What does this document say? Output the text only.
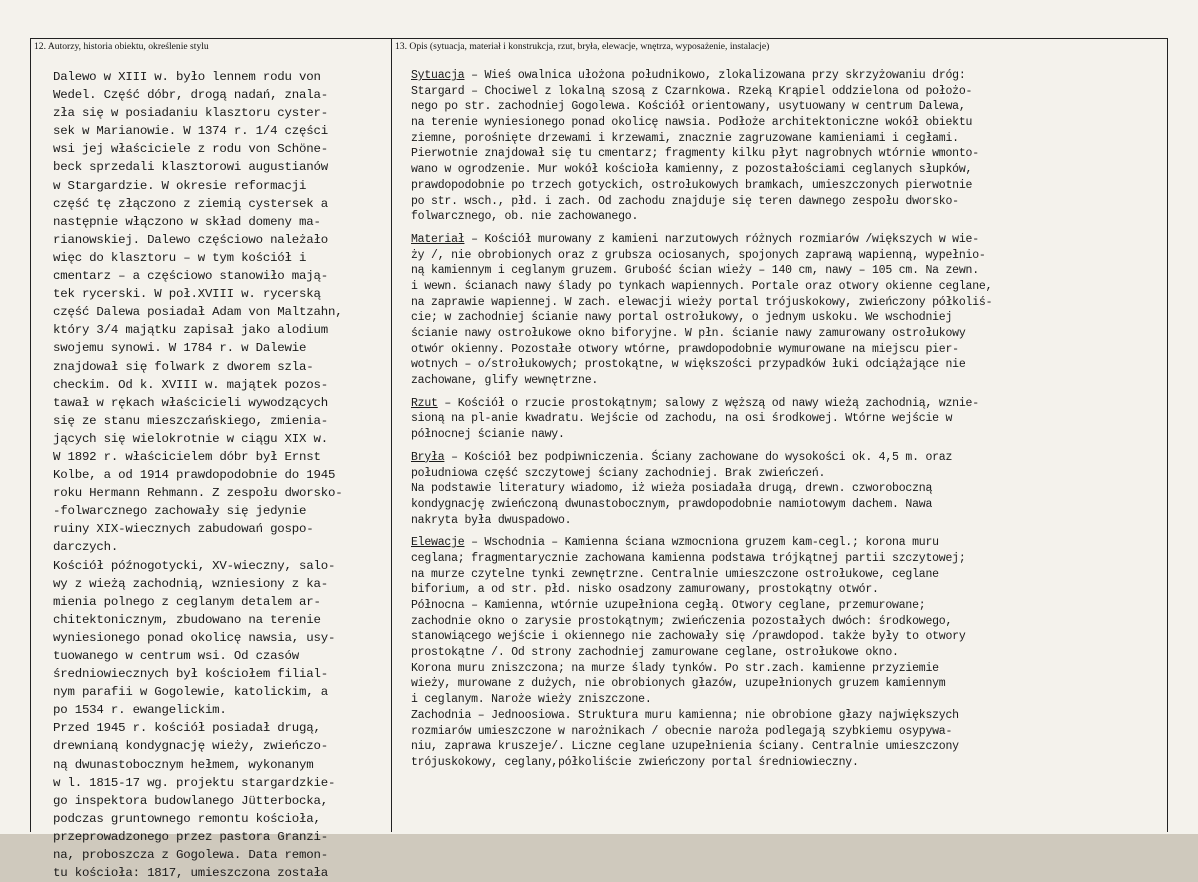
12. Autorzy, historia obiektu, określenie stylu
Dalewo w XIII w. było lennem rodu von
Wedel. Część dóbr, drogą nadań, znala-
zła się w posiadaniu klasztoru cyster-
sek w Marianowie. W 1374 r. 1/4 części
wsi jej właściciele z rodu von Schöne-
beck sprzedali klasztorowi augustianów
w Stargardzie. W okresie reformacji
część tę złączono z ziemią cystersek a
następnie włączono w skład domeny ma-
rianowskiej. Dalewo częściowo należało
więc do klasztoru – w tym kościół i
cmentarz – a częściowo stanowiło mają-
tek rycerski. W poł.XVIII w. rycerską
część Dalewa posiadał Adam von Maltzahn,
który 3/4 majątku zapisał jako alodium
swojemu synowi. W 1784 r. w Dalewie
znajdował się folwark z dworem szla-
checkim. Od k. XVIII w. majątek pozos-
tawał w rękach właścicieli wywodzących
się ze stanu mieszczańskiego, zmienia-
jących się wielokrotnie w ciągu XIX w.
W 1892 r. właścicielem dóbr był Ernst
Kolbe, a od 1914 prawdopodobnie do 1945
roku Hermann Rehmann. Z zespołu dworsko-
-folwarcznego zachowały się jedynie
ruiny XIX-wiecznych zabudowań gospo-
darczych.
Kościół późnogotycki, XV-wieczny, salo-
wy z wieżą zachodnią, wzniesiony z ka-
mienia polnego z ceglanym detalem ar-
chitektonicznym, zbudowano na terenie
wyniesionego ponad okolicę nawsia, usy-
tuowanego w centrum wsi. Od czasów
średniowiecznych był kościołem filial-
nym parafii w Gogolewie, katolickim, a
po 1534 r. ewangelickim.
Przed 1945 r. kościół posiadał drugą,
drewnianą kondygnację wieży, zwieńczo-
ną dwunastobocznym hełmem, wykonanym
w l. 1815-17 wg. projektu stargardzkie-
go inspektora budowlanego Jütterbocka,
podczas gruntownego remontu kościoła,
przeprowadzonego przez pastora Granzi-
na, proboszcza z Gogolewa. Data remon-
tu kościoła: 1817, umieszczona została
13. Opis (sytuacja, materiał i konstrukcja, rzut, bryła, elewacje, wnętrza, wyposażenie, instalacje)
Sytuacja – Wieś owalnica ułożona południkowo, zlokalizowana przy skrzyżowaniu dróg:
Stargard – Chociwel z lokalną szosą z Czarnkowa. Rzeką Krąpiel oddzielona od położo-
nego po str. zachodniej Gogolewa. Kościół orientowany, usytuowany w centrum Dalewa,
na terenie wyniesionego ponad okolicę nawsia. Podłoże architektoniczne wokół obiektu
ziemne, porośnięte drzewami i krzewami, znacznie zagruzowane kamieniami i cegłami.
Pierwotnie znajdował się tu cmentarz; fragmenty kilku płyt nagrobnych wtórnie wmonto-
wano w ogrodzenie. Mur wokół kościoła kamienny, z pozostałościami ceglanych słupków,
prawdopodobnie po trzech gotyckich, ostrołukowych bramkach, umieszczonych pierwotnie
po str. wsch., płd. i zach. Od zachodu znajduje się teren dawnego zespołu dworsko-
folwarcznego, ob. nie zachowanego.
Materiał – Kościół murowany z kamieni narzutowych różnych rozmiarów /większych w wie-
ży /, nie obrobionych oraz z grubsza ociosanych, spojonych zaprawą wapienną, wypełnio-
ną kamiennym i ceglanym gruzem. Grubość ścian wieży – 140 cm, nawy – 105 cm. Na zewn.
i wewn. ścianach nawy ślady po tynkach wapiennych. Portale oraz otwory okienne ceglane,
na zaprawie wapiennej. W zach. elewacji wieży portal trójuskokowy, zwieńczony półkoliś-
cie; w zachodniej ścianie nawy portal ostrołukowy, o jednym uskoku. We wschodniej
ścianie nawy ostrołukowe okno biforyjne. W płn. ścianie nawy zamurowany ostrołukowy
otwór okienny. Pozostałe otwory wtórne, prawdopodobnie wymurowane na miejscu pier-
wotnych – o/strołukowych; prostokątne, w większości przypadków łuki odciążające nie
zachowane, glify wewnętrzne.
Rzut – Kościół o rzucie prostokątnym; salowy z węższą od nawy wieżą zachodnią, wznie-
sioną na pl-anie kwadratu. Wejście od zachodu, na osi środkowej. Wtórne wejście w
północnej ścianie nawy.
Bryła – Kościół bez podpiwniczenia. Ściany zachowane do wysokości ok. 4,5 m. oraz
południowa część szczytowej ściany zachodniej. Brak zwieńczeń.
Na podstawie literatury wiadomo, iż wieża posiadała drugą, drewn. czworoboczną
kondygnację zwieńczoną dwunastobocznym, prawdopodobnie namiotowym dachem. Nawa
nakryta była dwuspadowo.
Elewacje – Wschodnia – Kamienna ściana wzmocniona gruzem kam-cegl.; korona muru
ceglana; fragmentarycznie zachowana kamienna podstawa trójkątnej partii szczytowej;
na murze czytelne tynki zewnętrzne. Centralnie umieszczone ostrołukowe, ceglane
biforium, a od str. płd. nisko osadzony zamurowany, prostokątny otwór.
Północna – Kamienna, wtórnie uzupełniona cegłą. Otwory ceglane, przemurowane;
zachodnie okno o zarysie prostokątnym; zwieńczenia pozostałych dwóch: środkowego,
stanowiącego wejście i okiennego nie zachowały się /prawdopod. także były to otwory
prostokątne /. Od strony zachodniej zamurowane ceglane, ostrołukowe okno.
Korona muru zniszczona; na murze ślady tynków. Po str.zach. kamienne przyziemie
wieży, murowane z dużych, nie obrobionych głazów, uzupełnionych gruzem kamiennym
i ceglanym. Naroże wieży zniszczone.
Zachodnia – Jednoosiowa. Struktura muru kamienna; nie obrobione głazy największych
rozmiarów umieszczone w narożnikach / obecnie naroża podlegają szybkiemu osypywa-
niu, zaprawa kruszeje/. Liczne ceglane uzupełnienia ściany. Centralnie umieszczony
trójuskokowy, ceglany,półkoliście zwieńczony portal średniowieczny.
